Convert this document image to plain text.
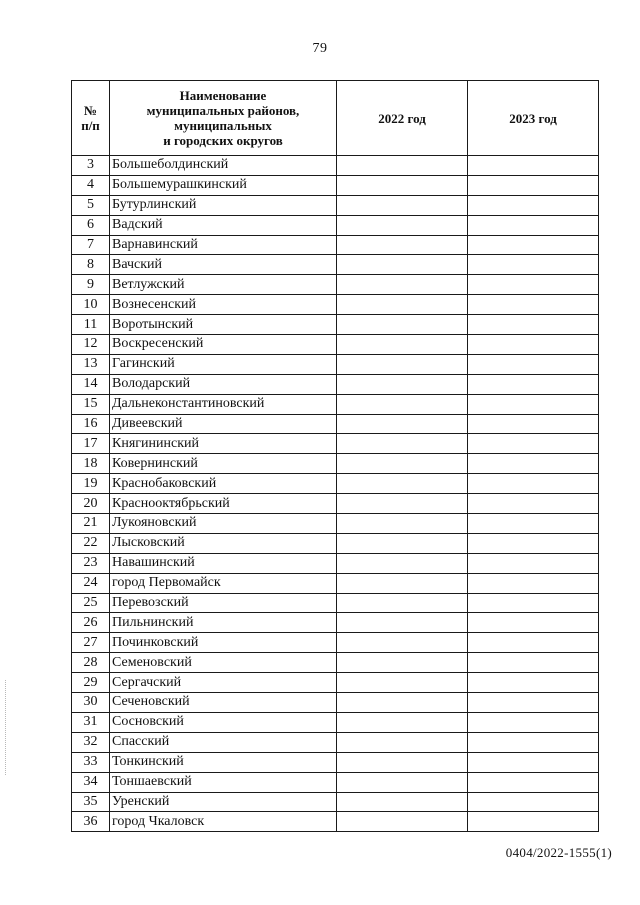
79
№
п/п	Наименование
муниципальных районов,
муниципальных
и городских округов	2022 год	2023 год
3	Большеболдинский		
4	Большемурашкинский		
5	Бутурлинский		
6	Вадский		
7	Варнавинский		
8	Вачский		
9	Ветлужский		
10	Вознесенский		
11	Воротынский		
12	Воскресенский		
13	Гагинский		
14	Володарский		
15	Дальнеконстантиновский		
16	Дивеевский		
17	Княгининский		
18	Ковернинский		
19	Краснобаковский		
20	Краснооктябрьский		
21	Лукояновский		
22	Лысковский		
23	Навашинский		
24	город Первомайск		
25	Перевозский		
26	Пильнинский		
27	Починковский		
28	Семеновский		
29	Сергачский		
30	Сеченовский		
31	Сосновский		
32	Спасский		
33	Тонкинский		
34	Тоншаевский		
35	Уренский		
36	город Чкаловск		
0404/2022-1555(1)
